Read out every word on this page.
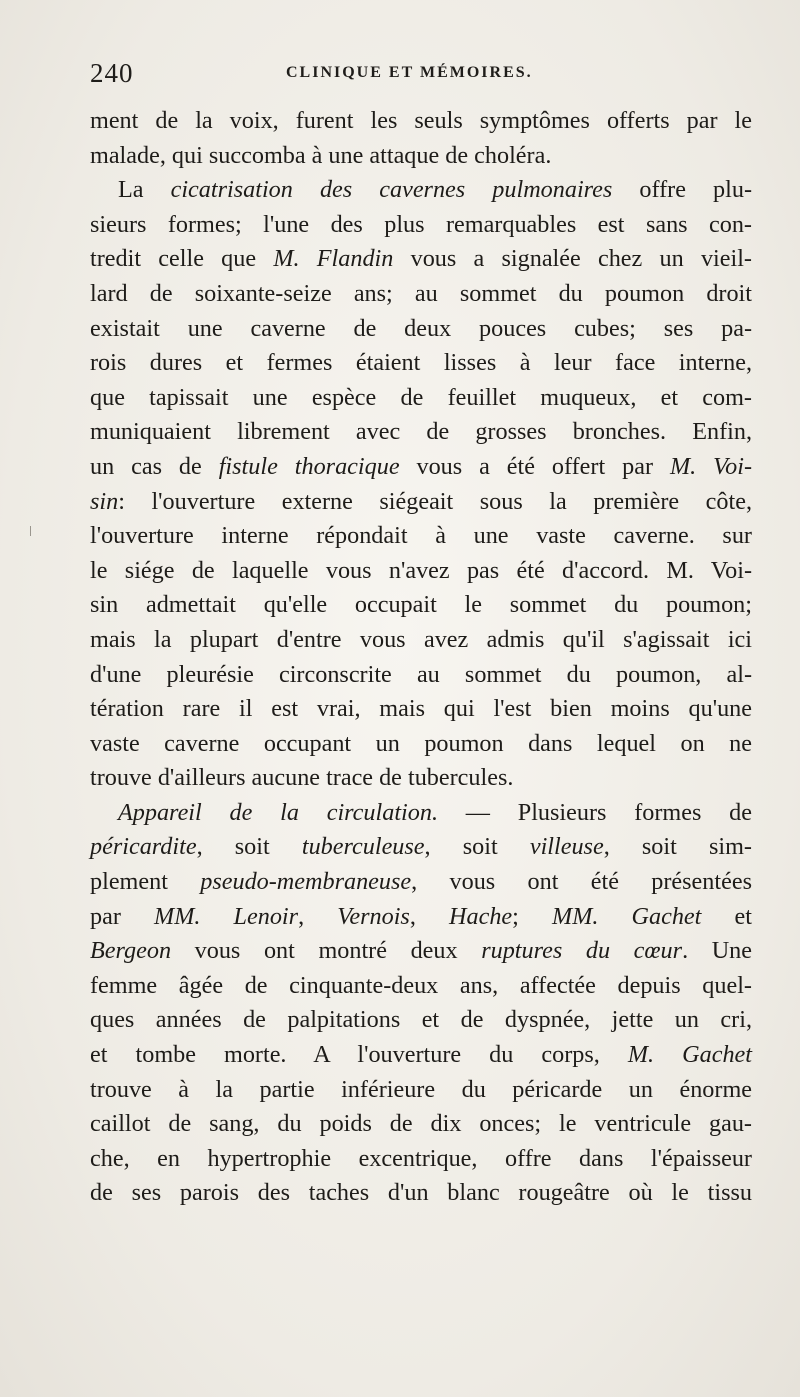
240	CLINIQUE ET MÉMOIRES.
ment de la voix, furent les seuls symptômes offerts par le
malade, qui succomba à une attaque de choléra.
La cicatrisation des cavernes pulmonaires offre plu-
sieurs formes; l'une des plus remarquables est sans con-
tredit celle que M. Flandin vous a signalée chez un vieil-
lard de soixante-seize ans; au sommet du poumon droit
existait une caverne de deux pouces cubes; ses pa-
rois dures et fermes étaient lisses à leur face interne,
que tapissait une espèce de feuillet muqueux, et com-
muniquaient librement avec de grosses bronches. Enfin,
un cas de fistule thoracique vous a été offert par M. Voi-
sin: l'ouverture externe siégeait sous la première côte,
l'ouverture interne répondait à une vaste caverne. sur
le siége de laquelle vous n'avez pas été d'accord. M. Voi-
sin admettait qu'elle occupait le sommet du poumon;
mais la plupart d'entre vous avez admis qu'il s'agissait ici
d'une pleurésie circonscrite au sommet du poumon, al-
tération rare il est vrai, mais qui l'est bien moins qu'une
vaste caverne occupant un poumon dans lequel on ne
trouve d'ailleurs aucune trace de tubercules.
Appareil de la circulation. — Plusieurs formes de
péricardite, soit tuberculeuse, soit villeuse, soit sim-
plement pseudo-membraneuse, vous ont été présentées
par MM. Lenoir, Vernois, Hache; MM. Gachet et
Bergeon vous ont montré deux ruptures du cœur. Une
femme âgée de cinquante-deux ans, affectée depuis quel-
ques années de palpitations et de dyspnée, jette un cri,
et tombe morte. A l'ouverture du corps, M. Gachet
trouve à la partie inférieure du péricarde un énorme
caillot de sang, du poids de dix onces; le ventricule gau-
che, en hypertrophie excentrique, offre dans l'épaisseur
de ses parois des taches d'un blanc rougeâtre où le tissu
